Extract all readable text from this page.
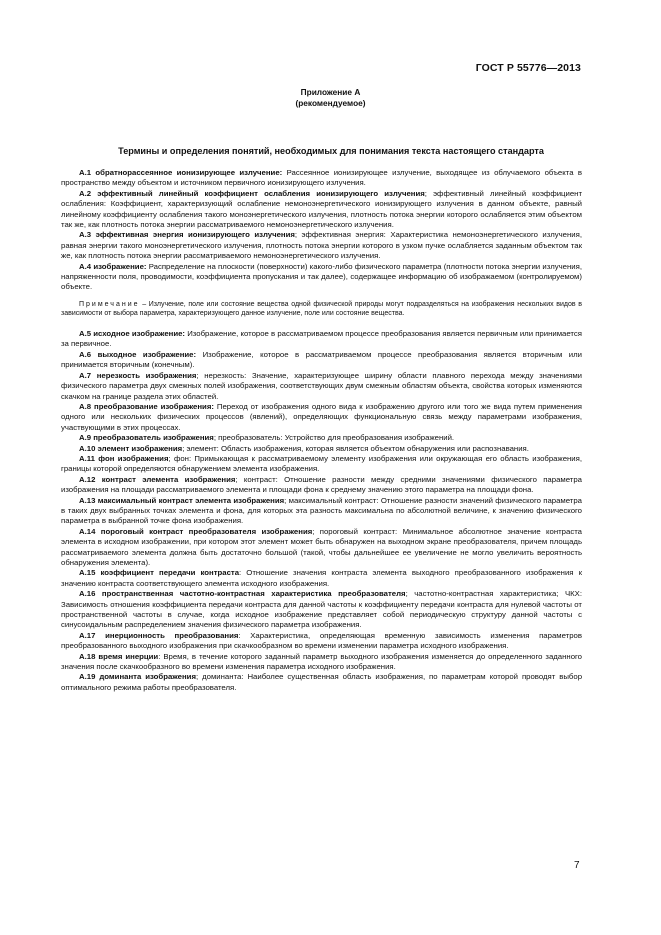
ГОСТ Р 55776—2013
Приложение А
(рекомендуемое)
Термины и определения понятий, необходимых для понимания текста настоящего стандарта

А.1 обратнорассеянное ионизирующее излучение: Рассеянное ионизирующее излучение, выходящее из облучаемого объекта в пространство между объектом и источником первичного ионизирующего излучения.

А.2 эффективный линейный коэффициент ослабления ионизирующего излучения; эффективный линейный коэффициент ослабления: Коэффициент, характеризующий ослабление немоноэнергетического ионизирующего излучения в данном объекте, равный линейному коэффициенту ослабления такого моноэнергетического излучения, плотность потока энергии которого ослабляется этим объектом так же, как плотность потока энергии рассматриваемого немоноэнергетического излучения.

А.3 эффективная энергия ионизирующего излучения; эффективная энергия: Характеристика немоноэнергетического излучения, равная энергии такого моноэнергетического излучения, плотность потока энергии которого в узком пучке ослабляется заданным объектом так же, как плотность потока энергии рассматриваемого немоноэнергетического излучения.

А.4 изображение: Распределение на плоскости (поверхности) какого-либо физического параметра (плотности потока энергии излучения, напряженности поля, проводимости, коэффициента пропускания и так далее), содержащее информацию об изображаемом (контролируемом) объекте.

Примечание – Излучение, поле или состояние вещества одной физической природы могут подразделяться на изображения нескольких видов в зависимости от выбора параметра, характеризующего данное излучение, поле или состояние вещества.

А.5 исходное изображение: Изображение, которое в рассматриваемом процессе преобразования является первичным или принимается за первичное.

А.6 выходное изображение: Изображение, которое в рассматриваемом процессе преобразования является вторичным или принимается вторичным (конечным).

А.7 нерезкость изображения; нерезкость: Значение, характеризующее ширину области плавного перехода между значениями физического параметра двух смежных полей изображения, соответствующих двум смежным областям объекта, свойства которых изменяются скачком на границе раздела этих областей.

А.8 преобразование изображения: Переход от изображения одного вида к изображению другого или того же вида путем применения одного или нескольких физических процессов (явлений), определяющих функциональную связь между параметрами изображения, участвующими в этих процессах.

А.9 преобразователь изображения; преобразователь: Устройство для преобразования изображений.

А.10 элемент изображения; элемент: Область изображения, которая является объектом обнаружения или распознавания.

А.11 фон изображения; фон: Примыкающая к рассматриваемому элементу изображения или окружающая его область изображения, границы которой определяются обнаружением элемента изображения.

А.12 контраст элемента изображения; контраст: Отношение разности между средними значениями физического параметра изображения на площади рассматриваемого элемента и площади фона к среднему значению этого параметра на площади фона.

А.13 максимальный контраст элемента изображения; максимальный контраст: Отношение разности значений физического параметра в таких двух выбранных точках элемента и фона, для которых эта разность максимальна по абсолютной величине, к значению физического параметра в выбранной точке фона изображения.

А.14 пороговый контраст преобразователя изображения; пороговый контраст: Минимальное абсолютное значение контраста элемента в исходном изображении, при котором этот элемент может быть обнаружен на выходном экране преобразователя, причем площадь рассматриваемого элемента должна быть достаточно большой (такой, чтобы дальнейшее ее увеличение не могло увеличить вероятность обнаружения элемента).

А.15 коэффициент передачи контраста: Отношение значения контраста элемента выходного преобразованного изображения к значению контраста соответствующего элемента исходного изображения.

А.16 пространственная частотно-контрастная характеристика преобразователя; частотно-контрастная характеристика; ЧКХ: Зависимость отношения коэффициента передачи контраста для данной частоты к коэффициенту передачи контраста для нулевой частоты от пространственной частоты в случае, когда исходное изображение представляет собой периодическую структуру данной частоты с синусоидальным распределением значения физического параметра изображения.

А.17 инерционность преобразования: Характеристика, определяющая временную зависимость изменения параметров преобразованного выходного изображения при скачкообразном во времени изменении параметра исходного изображения.

А.18 время инерции: Время, в течение которого заданный параметр выходного изображения изменяется до определенного заданного значения после скачкообразного во времени изменения параметра исходного изображения.

А.19 доминанта изображения; доминанта: Наиболее существенная область изображения, по параметрам которой проводят выбор оптимального режима работы преобразователя.

7
